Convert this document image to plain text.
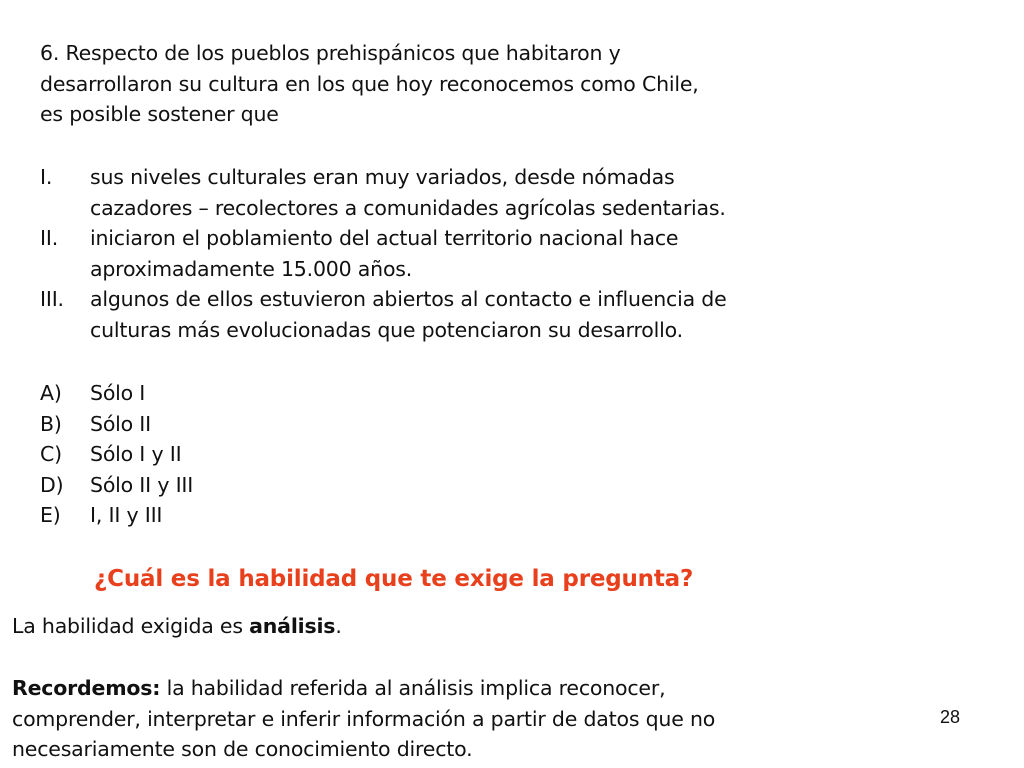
6. Respecto de los pueblos prehispánicos que habitaron y
desarrollaron su cultura en los que hoy reconocemos como Chile,
es posible sostener que
I.	sus niveles culturales eran muy variados, desde nómadas
cazadores – recolectores a comunidades agrícolas sedentarias.
II.	iniciaron el poblamiento del actual territorio nacional hace
aproximadamente 15.000 años.
III.	algunos de ellos estuvieron abiertos al contacto e influencia de
culturas más evolucionadas que potenciaron su desarrollo.
A) Sólo I
B) Sólo II
C) Sólo I y II
D) Sólo II y III
E) I, II y III
¿Cuál es la habilidad que te exige la pregunta?
La habilidad exigida es análisis.
Recordemos: la habilidad referida al análisis implica reconocer,
comprender, interpretar e inferir información a partir de datos que no
necesariamente son de conocimiento directo.
28
